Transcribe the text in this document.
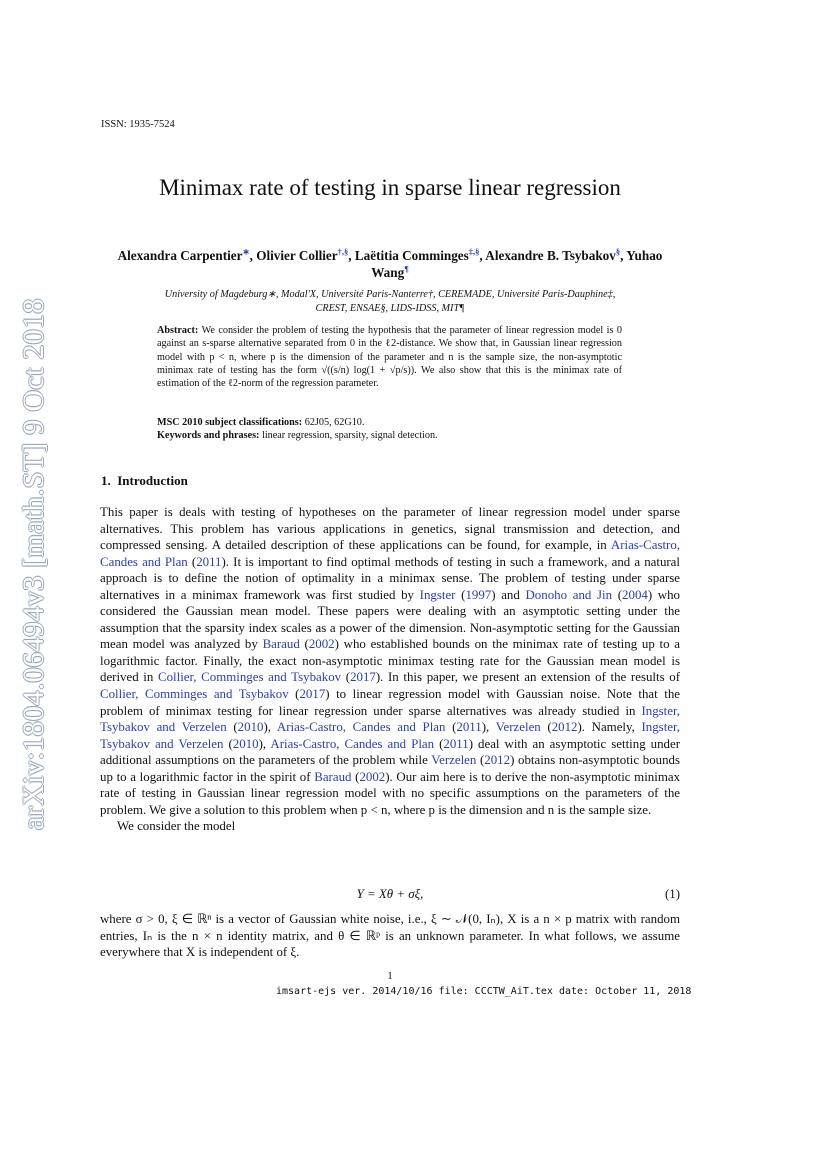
ISSN: 1935-7524
Minimax rate of testing in sparse linear regression
Alexandra Carpentier∗, Olivier Collier†,§, Laëtitia Comminges‡,§, Alexandre B. Tsybakov§, Yuhao Wang¶
University of Magdeburg∗, Modal'X, Université Paris-Nanterre†, CEREMADE, Université Paris-Dauphine‡,
CREST, ENSAE§, LIDS-IDSS, MIT¶
Abstract: We consider the problem of testing the hypothesis that the parameter of linear regression model is 0 against an s-sparse alternative separated from 0 in the ℓ2-distance. We show that, in Gaussian linear regression model with p < n, where p is the dimension of the parameter and n is the sample size, the non-asymptotic minimax rate of testing has the form √((s/n) log(1 + √p/s)). We also show that this is the minimax rate of estimation of the ℓ2-norm of the regression parameter.
MSC 2010 subject classifications: 62J05, 62G10.
Keywords and phrases: linear regression, sparsity, signal detection.
1. Introduction

This paper is deals with testing of hypotheses on the parameter of linear regression model under sparse alternatives. This problem has various applications in genetics, signal transmission and detection, and compressed sensing. A detailed description of these applications can be found, for example, in Arias-Castro, Candes and Plan (2011). It is important to find optimal methods of testing in such a framework, and a natural approach is to define the notion of optimality in a minimax sense. The problem of testing under sparse alternatives in a minimax framework was first studied by Ingster (1997) and Donoho and Jin (2004) who considered the Gaussian mean model. These papers were dealing with an asymptotic setting under the assumption that the sparsity index scales as a power of the dimension. Non-asymptotic setting for the Gaussian mean model was analyzed by Baraud (2002) who established bounds on the minimax rate of testing up to a logarithmic factor. Finally, the exact non-asymptotic minimax testing rate for the Gaussian mean model is derived in Collier, Comminges and Tsybakov (2017). In this paper, we present an extension of the results of Collier, Comminges and Tsybakov (2017) to linear regression model with Gaussian noise. Note that the problem of minimax testing for linear regression under sparse alternatives was already studied in Ingster, Tsybakov and Verzelen (2010), Arias-Castro, Candes and Plan (2011), Verzelen (2012). Namely, Ingster, Tsybakov and Verzelen (2010), Arias-Castro, Candes and Plan (2011) deal with an asymptotic setting under additional assumptions on the parameters of the problem while Verzelen (2012) obtains non-asymptotic bounds up to a logarithmic factor in the spirit of Baraud (2002). Our aim here is to derive the non-asymptotic minimax rate of testing in Gaussian linear regression model with no specific assumptions on the parameters of the problem. We give a solution to this problem when p < n, where p is the dimension and n is the sample size.

We consider the model

Y = Xθ + σξ,	(1)
where σ > 0, ξ ∈ ℝⁿ is a vector of Gaussian white noise, i.e., ξ ∼ 𝒩(0, Iₙ), X is a n × p matrix with random entries, Iₙ is the n × n identity matrix, and θ ∈ ℝᵖ is an unknown parameter. In what follows, we assume everywhere that X is independent of ξ.
1
imsart-ejs ver. 2014/10/16 file: CCCTW_AiT.tex date: October 11, 2018
arXiv:1804.06494v3 [math.ST] 9 Oct 2018
